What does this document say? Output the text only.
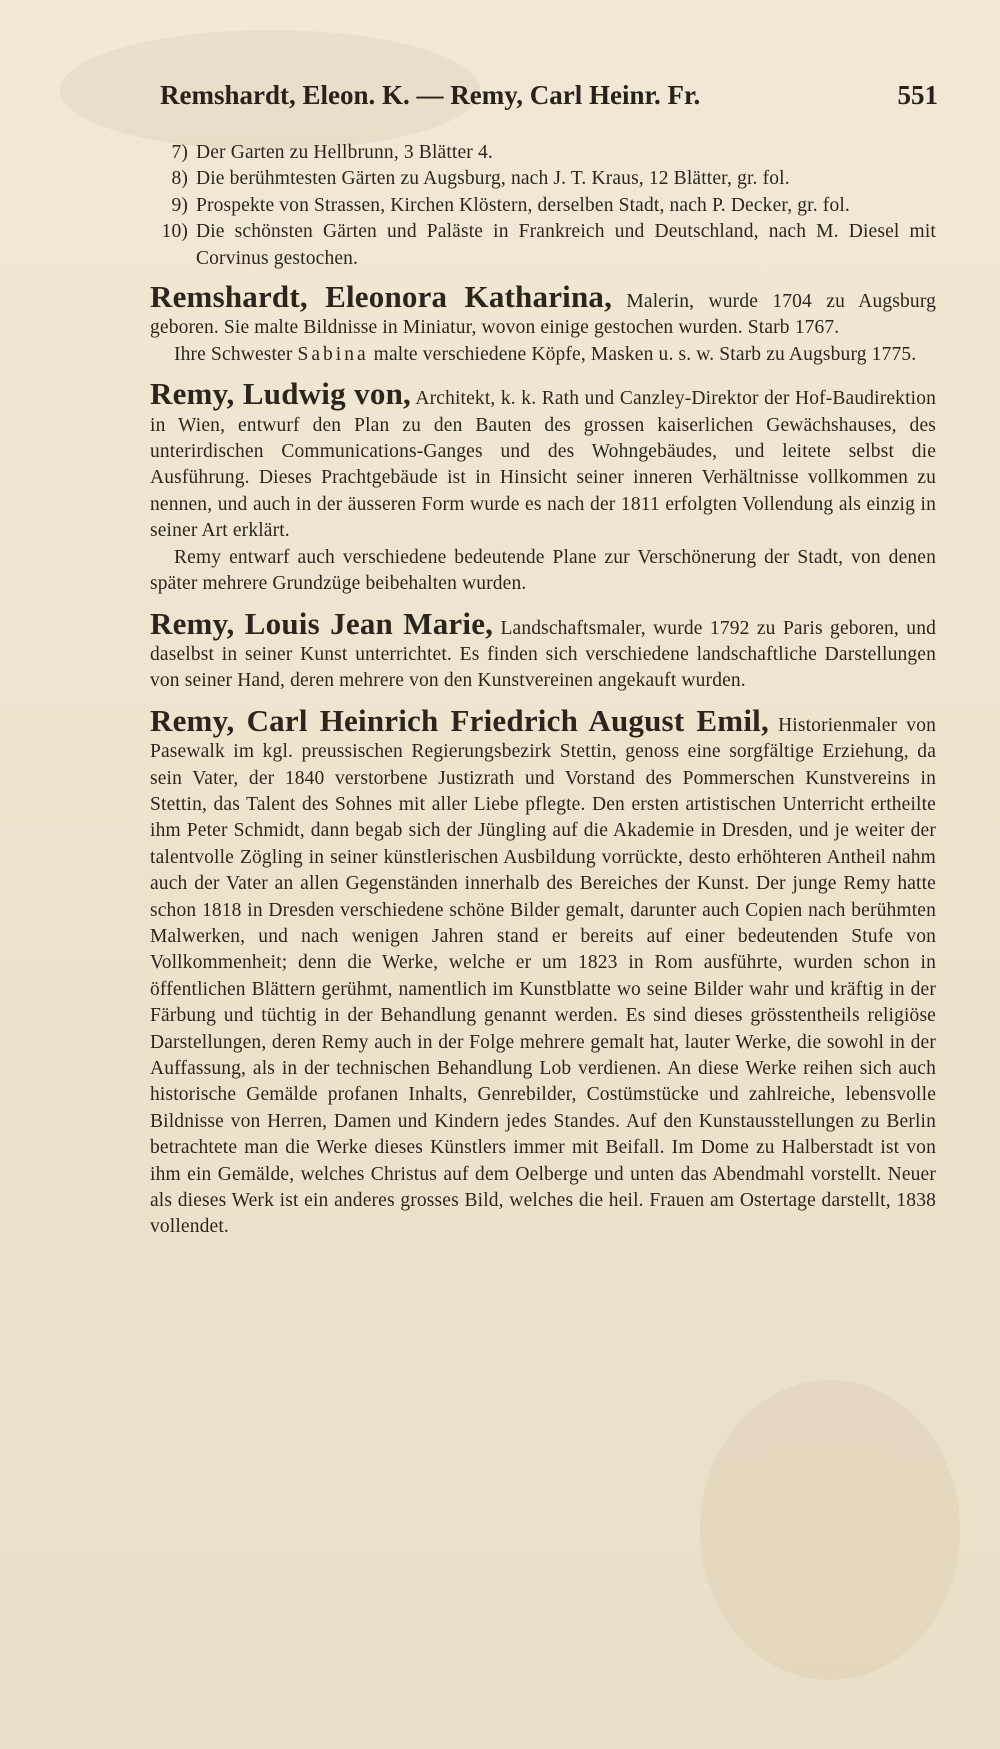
Remshardt, Eleon. K. — Remy, Carl Heinr. Fr.	551
7) Der Garten zu Hellbrunn, 3 Blätter 4.
8) Die berühmtesten Gärten zu Augsburg, nach J. T. Kraus, 12 Blätter, gr. fol.
9) Prospekte von Strassen, Kirchen Klöstern, derselben Stadt, nach P. Decker, gr. fol.
10) Die schönsten Gärten und Paläste in Frankreich und Deutschland, nach M. Diesel mit Corvinus gestochen.

Remshardt, Eleonora Katharina, Malerin, wurde 1704 zu Augsburg geboren. Sie malte Bildnisse in Miniatur, wovon einige gestochen wurden. Starb 1767.

Ihre Schwester Sabina malte verschiedene Köpfe, Masken u. s. w. Starb zu Augsburg 1775.

Remy, Ludwig von, Architekt, k. k. Rath und Canzley-Direktor der Hof-Baudirektion in Wien, entwurf den Plan zu den Bauten des grossen kaiserlichen Gewächshauses, des unterirdischen Communications-Ganges und des Wohngebäudes, und leitete selbst die Ausführung. Dieses Prachtgebäude ist in Hinsicht seiner inneren Verhältnisse vollkommen zu nennen, und auch in der äusseren Form wurde es nach der 1811 erfolgten Vollendung als einzig in seiner Art erklärt.

Remy entwarf auch verschiedene bedeutende Plane zur Verschönerung der Stadt, von denen später mehrere Grundzüge beibehalten wurden.

Remy, Louis Jean Marie, Landschaftsmaler, wurde 1792 zu Paris geboren, und daselbst in seiner Kunst unterrichtet. Es finden sich verschiedene landschaftliche Darstellungen von seiner Hand, deren mehrere von den Kunstvereinen angekauft wurden.

Remy, Carl Heinrich Friedrich August Emil, Historienmaler von Pasewalk im kgl. preussischen Regierungsbezirk Stettin, genoss eine sorgfältige Erziehung, da sein Vater, der 1840 verstorbene Justizrath und Vorstand des Pommerschen Kunstvereins in Stettin, das Talent des Sohnes mit aller Liebe pflegte. Den ersten artistischen Unterricht ertheilte ihm Peter Schmidt, dann begab sich der Jüngling auf die Akademie in Dresden, und je weiter der talentvolle Zögling in seiner künstlerischen Ausbildung vorrückte, desto erhöhteren Antheil nahm auch der Vater an allen Gegenständen innerhalb des Bereiches der Kunst. Der junge Remy hatte schon 1818 in Dresden verschiedene schöne Bilder gemalt, darunter auch Copien nach berühmten Malwerken, und nach wenigen Jahren stand er bereits auf einer bedeutenden Stufe von Vollkommenheit; denn die Werke, welche er um 1823 in Rom ausführte, wurden schon in öffentlichen Blättern gerühmt, namentlich im Kunstblatte wo seine Bilder wahr und kräftig in der Färbung und tüchtig in der Behandlung genannt werden. Es sind dieses grösstentheils religiöse Darstellungen, deren Remy auch in der Folge mehrere gemalt hat, lauter Werke, die sowohl in der Auffassung, als in der technischen Behandlung Lob verdienen. An diese Werke reihen sich auch historische Gemälde profanen Inhalts, Genrebilder, Costümstücke und zahlreiche, lebensvolle Bildnisse von Herren, Damen und Kindern jedes Standes. Auf den Kunstausstellungen zu Berlin betrachtete man die Werke dieses Künstlers immer mit Beifall. Im Dome zu Halberstadt ist von ihm ein Gemälde, welches Christus auf dem Oelberge und unten das Abendmahl vorstellt. Neuer als dieses Werk ist ein anderes grosses Bild, welches die heil. Frauen am Ostertage darstellt, 1838 vollendet.
